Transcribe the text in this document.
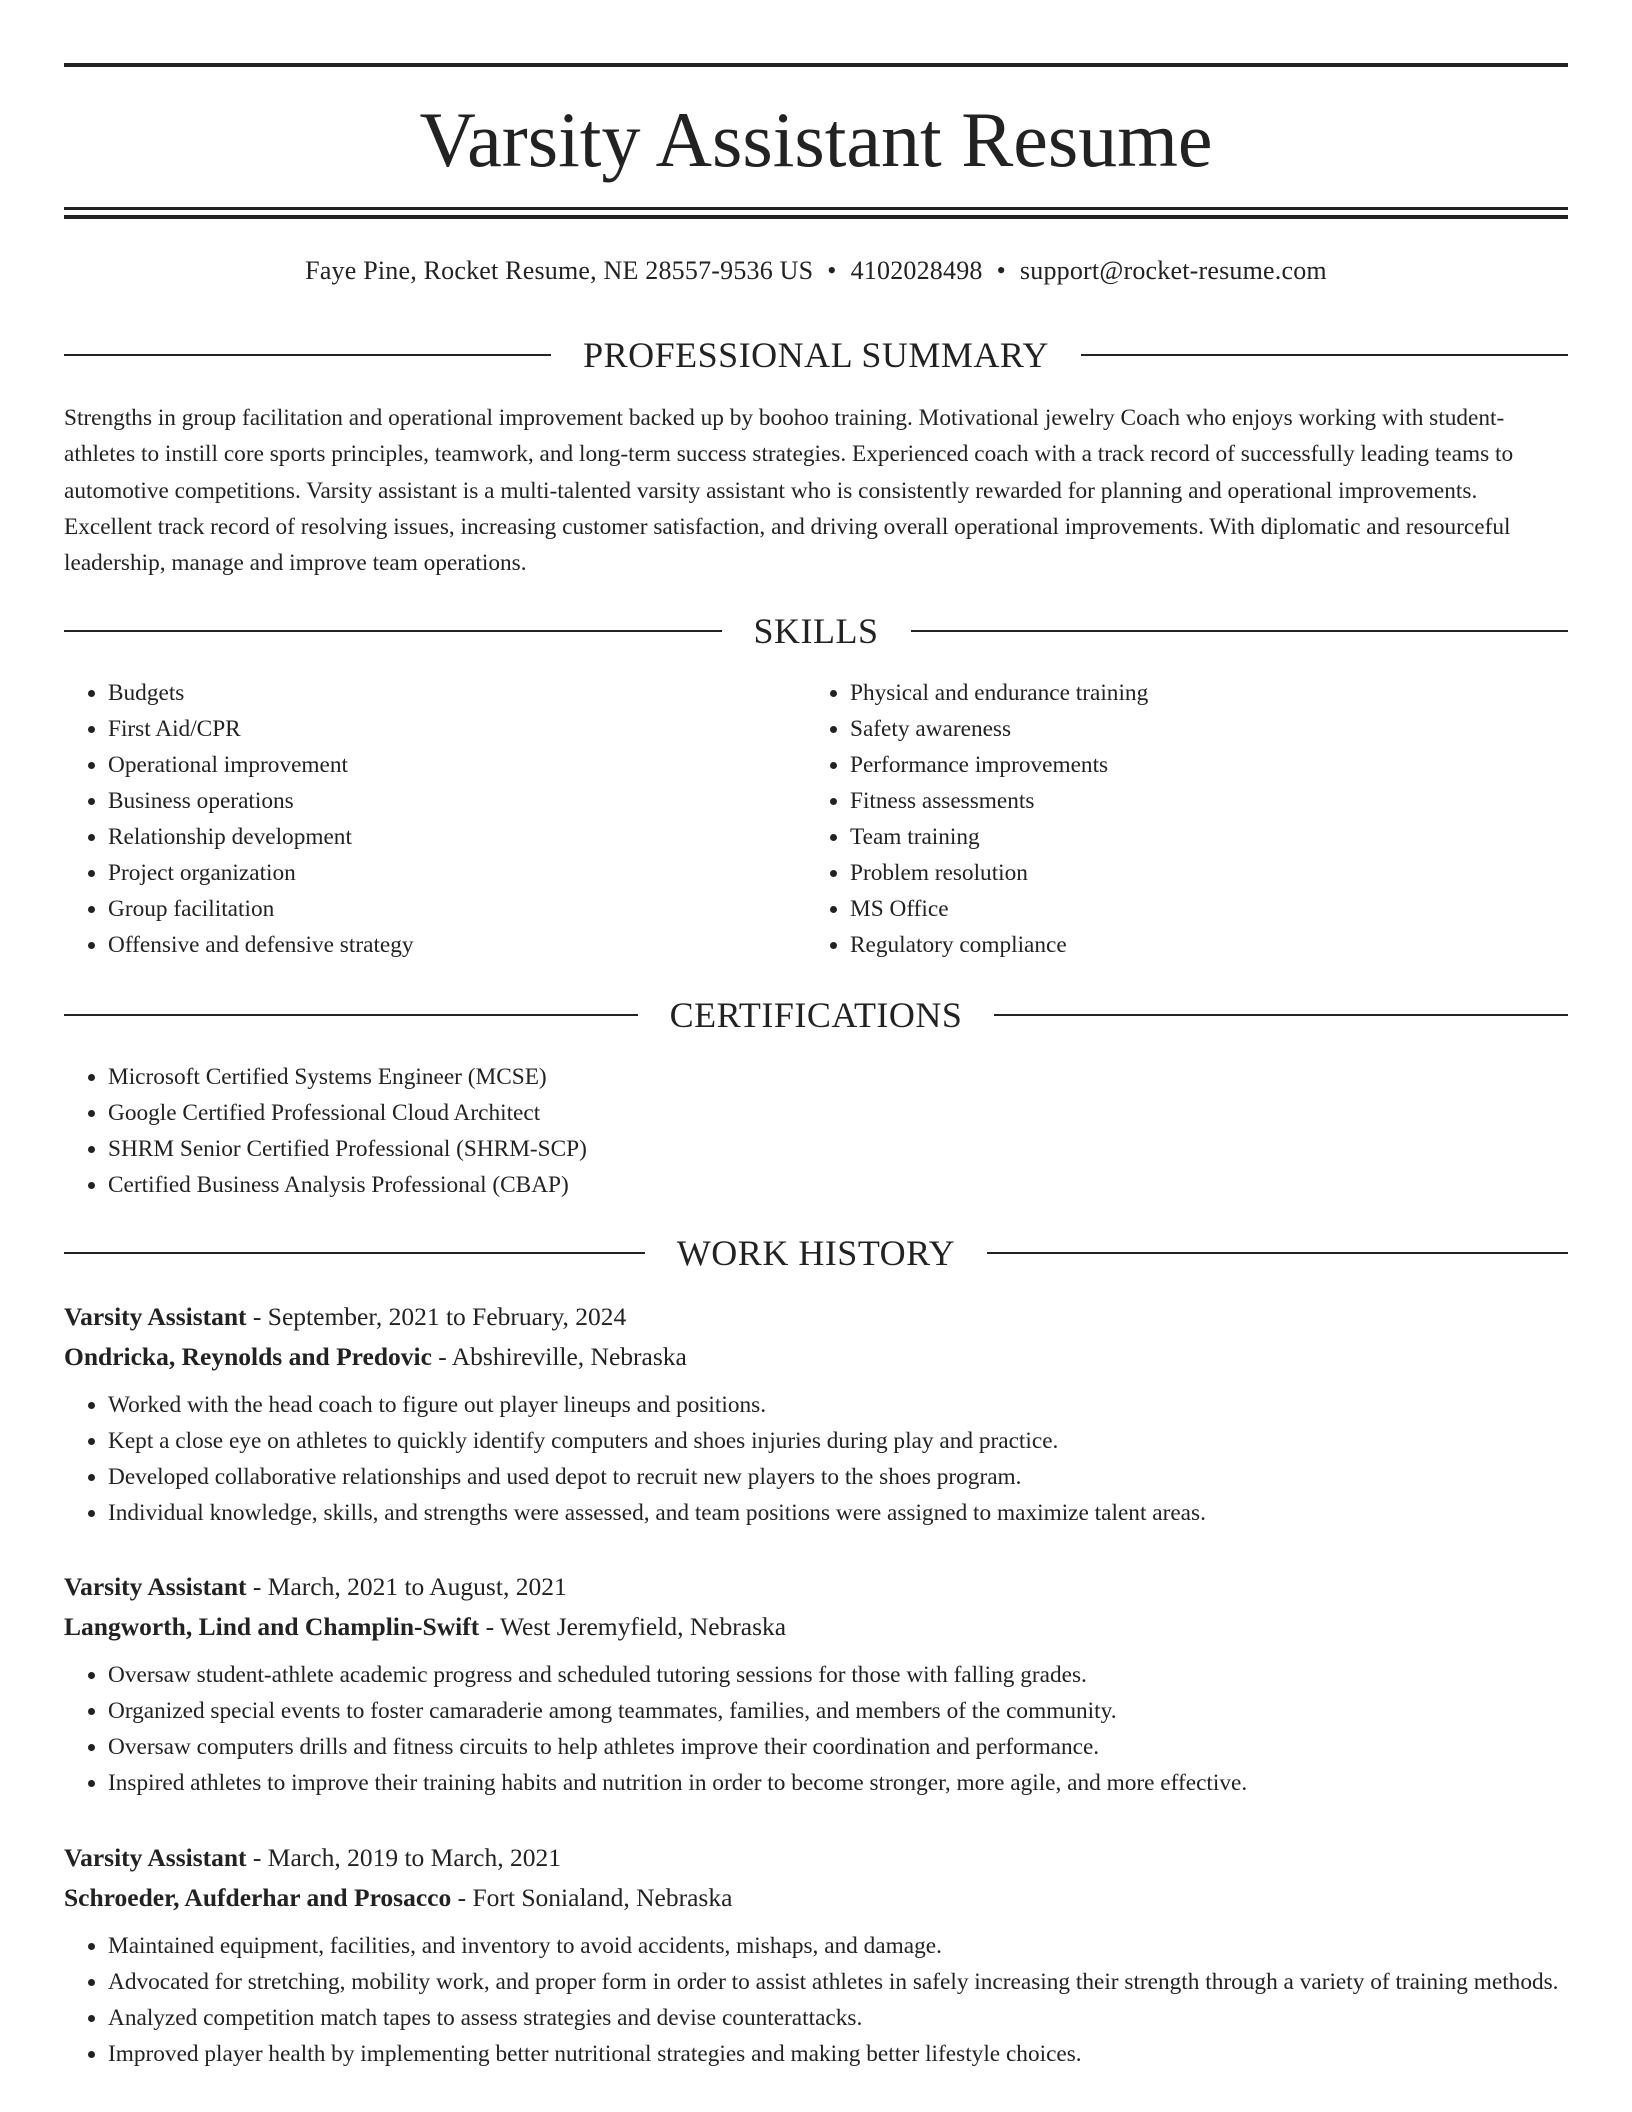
Varsity Assistant Resume
Faye Pine, Rocket Resume, NE 28557-9536 US • 4102028498 • support@rocket-resume.com
PROFESSIONAL SUMMARY

Strengths in group facilitation and operational improvement backed up by boohoo training. Motivational jewelry Coach who enjoys working with student-athletes to instill core sports principles, teamwork, and long-term success strategies. Experienced coach with a track record of successfully leading teams to automotive competitions. Varsity assistant is a multi-talented varsity assistant who is consistently rewarded for planning and operational improvements. Excellent track record of resolving issues, increasing customer satisfaction, and driving overall operational improvements. With diplomatic and resourceful leadership, manage and improve team operations.

SKILLS
• Budgets
• First Aid/CPR
• Operational improvement
• Business operations
• Relationship development
• Project organization
• Group facilitation
• Offensive and defensive strategy
• Physical and endurance training
• Safety awareness
• Performance improvements
• Fitness assessments
• Team training
• Problem resolution
• MS Office
• Regulatory compliance
CERTIFICATIONS
• Microsoft Certified Systems Engineer (MCSE)
• Google Certified Professional Cloud Architect
• SHRM Senior Certified Professional (SHRM-SCP)
• Certified Business Analysis Professional (CBAP)
WORK HISTORY
Varsity Assistant - September, 2021 to February, 2024
Ondricka, Reynolds and Predovic - Abshireville, Nebraska
• Worked with the head coach to figure out player lineups and positions.
• Kept a close eye on athletes to quickly identify computers and shoes injuries during play and practice.
• Developed collaborative relationships and used depot to recruit new players to the shoes program.
• Individual knowledge, skills, and strengths were assessed, and team positions were assigned to maximize talent areas.
Varsity Assistant - March, 2021 to August, 2021
Langworth, Lind and Champlin-Swift - West Jeremyfield, Nebraska
• Oversaw student-athlete academic progress and scheduled tutoring sessions for those with falling grades.
• Organized special events to foster camaraderie among teammates, families, and members of the community.
• Oversaw computers drills and fitness circuits to help athletes improve their coordination and performance.
• Inspired athletes to improve their training habits and nutrition in order to become stronger, more agile, and more effective.
Varsity Assistant - March, 2019 to March, 2021
Schroeder, Aufderhar and Prosacco - Fort Sonialand, Nebraska
• Maintained equipment, facilities, and inventory to avoid accidents, mishaps, and damage.
• Advocated for stretching, mobility work, and proper form in order to assist athletes in safely increasing their strength through a variety of training methods.
• Analyzed competition match tapes to assess strategies and devise counterattacks.
• Improved player health by implementing better nutritional strategies and making better lifestyle choices.
